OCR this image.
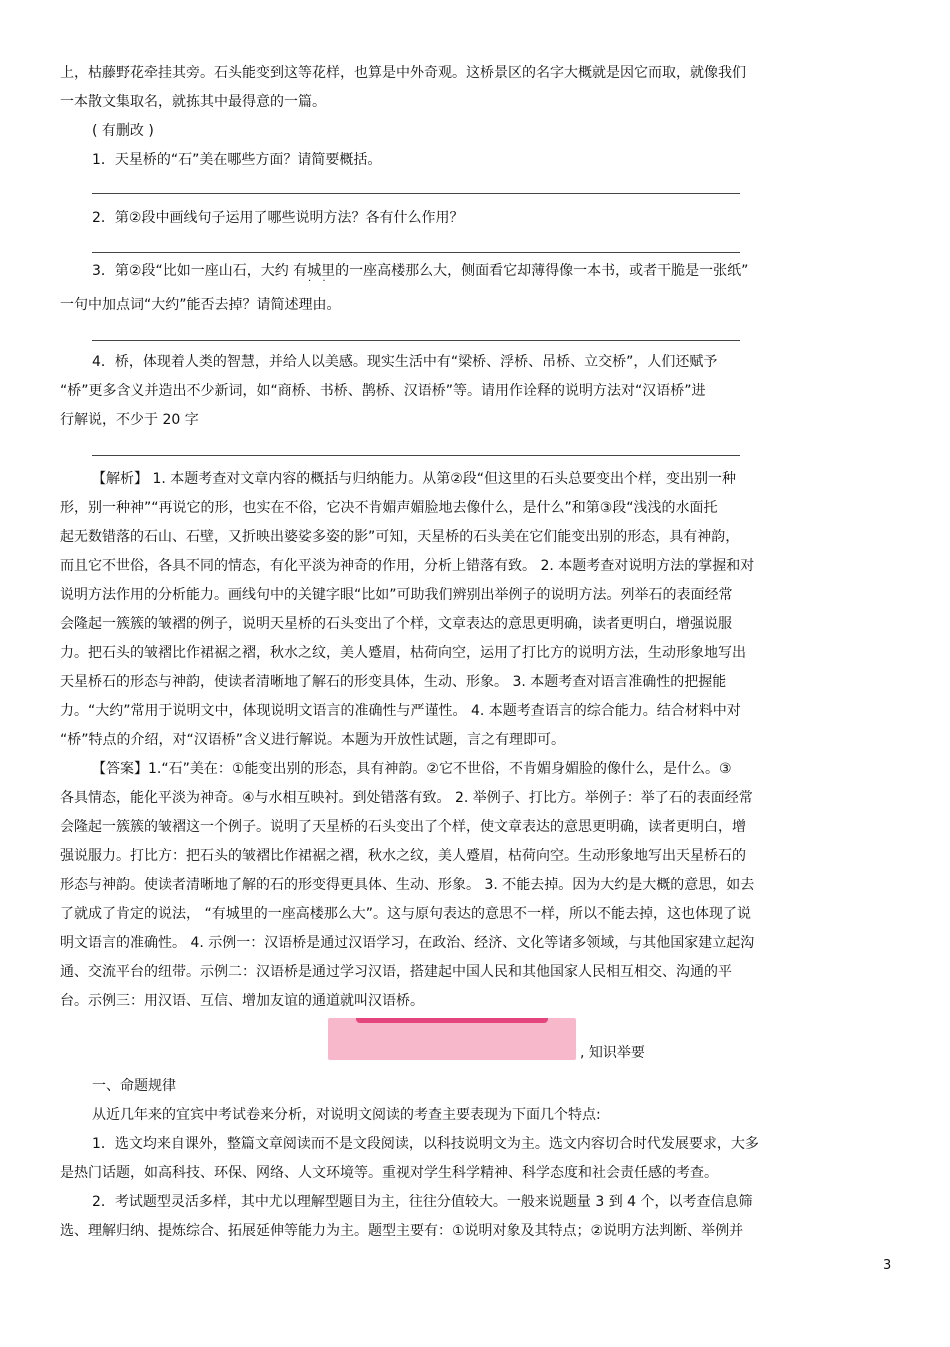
上，枯藤野花牵挂其旁。石头能变到这等花样，也算是中外奇观。这桥景区的名字大概就是因它而取，就像我们
一本散文集取名，就拣其中最得意的一篇。
( 有删改 )
1．天星桥的“石”美在哪些方面？请简要概括。
2．第②段中画线句子运用了哪些说明方法？各有什么作用？
3．第②段“比如一座山石，大约 有城里的一座高楼那么大，侧面看它却薄得像一本书，或者干脆是一张纸”
· ·
一句中加点词“大约”能否去掉？请简述理由。
4．桥，体现着人类的智慧，并给人以美感。现实生活中有“梁桥、浮桥、吊桥、立交桥”，人们还赋予
“桥”更多含义并造出不少新词，如“商桥、书桥、鹊桥、汉语桥”等。请用作诠释的说明方法对“汉语桥”进
行解说，不少于 20 字
【解析】 1. 本题考查对文章内容的概括与归纳能力。从第②段“但这里的石头总要变出个样，变出别一种
形，别一种神”“再说它的形，也实在不俗，它决不肯媚声媚脸地去像什么，是什么”和第③段“浅浅的水面托
起无数错落的石山、石壁，又折映出婆娑多姿的影”可知，天星桥的石头美在它们能变出别的形态，具有神韵，
而且它不世俗，各具不同的情态，有化平淡为神奇的作用，分析上错落有致。 2. 本题考查对说明方法的掌握和对
说明方法作用的分析能力。画线句中的关键字眼“比如”可助我们辨别出举例子的说明方法。列举石的表面经常
会隆起一簇簇的皱褶的例子，说明天星桥的石头变出了个样，文章表达的意思更明确，读者更明白，增强说服
力。把石头的皱褶比作裙裾之褶，秋水之纹，美人蹙眉，枯荷向空，运用了打比方的说明方法，生动形象地写出
天星桥石的形态与神韵，使读者清晰地了解石的形变具体，生动、形象。 3. 本题考查对语言准确性的把握能
力。“大约”常用于说明文中，体现说明文语言的准确性与严谨性。 4. 本题考查语言的综合能力。结合材料中对
“桥”特点的介绍，对“汉语桥”含义进行解说。本题为开放性试题，言之有理即可。
【答案】1.“石”美在：①能变出别的形态，具有神韵。②它不世俗，不肯媚身媚脸的像什么，是什么。③
各具情态，能化平淡为神奇。④与水相互映衬。到处错落有致。 2. 举例子、打比方。举例子：举了石的表面经常
会隆起一簇簇的皱褶这一个例子。说明了天星桥的石头变出了个样，使文章表达的意思更明确，读者更明白，增
强说服力。打比方：把石头的皱褶比作裙裾之褶，秋水之纹，美人蹙眉，枯荷向空。生动形象地写出天星桥石的
形态与神韵。使读者清晰地了解的石的形变得更具体、生动、形象。 3. 不能去掉。因为大约是大概的意思，如去
了就成了肯定的说法， “有城里的一座高楼那么大”。这与原句表达的意思不一样，所以不能去掉，这也体现了说
明文语言的准确性。 4. 示例一：汉语桥是通过汉语学习，在政治、经济、文化等诸多领域，与其他国家建立起沟
通、交流平台的纽带。示例二：汉语桥是通过学习汉语，搭建起中国人民和其他国家人民相互相交、沟通的平
台。示例三：用汉语、互信、增加友谊的通道就叫汉语桥。
, 知识举要
一、命题规律
从近几年来的宜宾中考试卷来分析，对说明文阅读的考查主要表现为下面几个特点:
1．选文均来自课外，整篇文章阅读而不是文段阅读，以科技说明文为主。选文内容切合时代发展要求，大多
是热门话题，如高科技、环保、网络、人文环境等。重视对学生科学精神、科学态度和社会责任感的考查。
2．考试题型灵活多样，其中尤以理解型题目为主，往往分值较大。一般来说题量 3 到 4 个，以考查信息筛
选、理解归纳、提炼综合、拓展延伸等能力为主。题型主要有：①说明对象及其特点；②说明方法判断、举例并
3
